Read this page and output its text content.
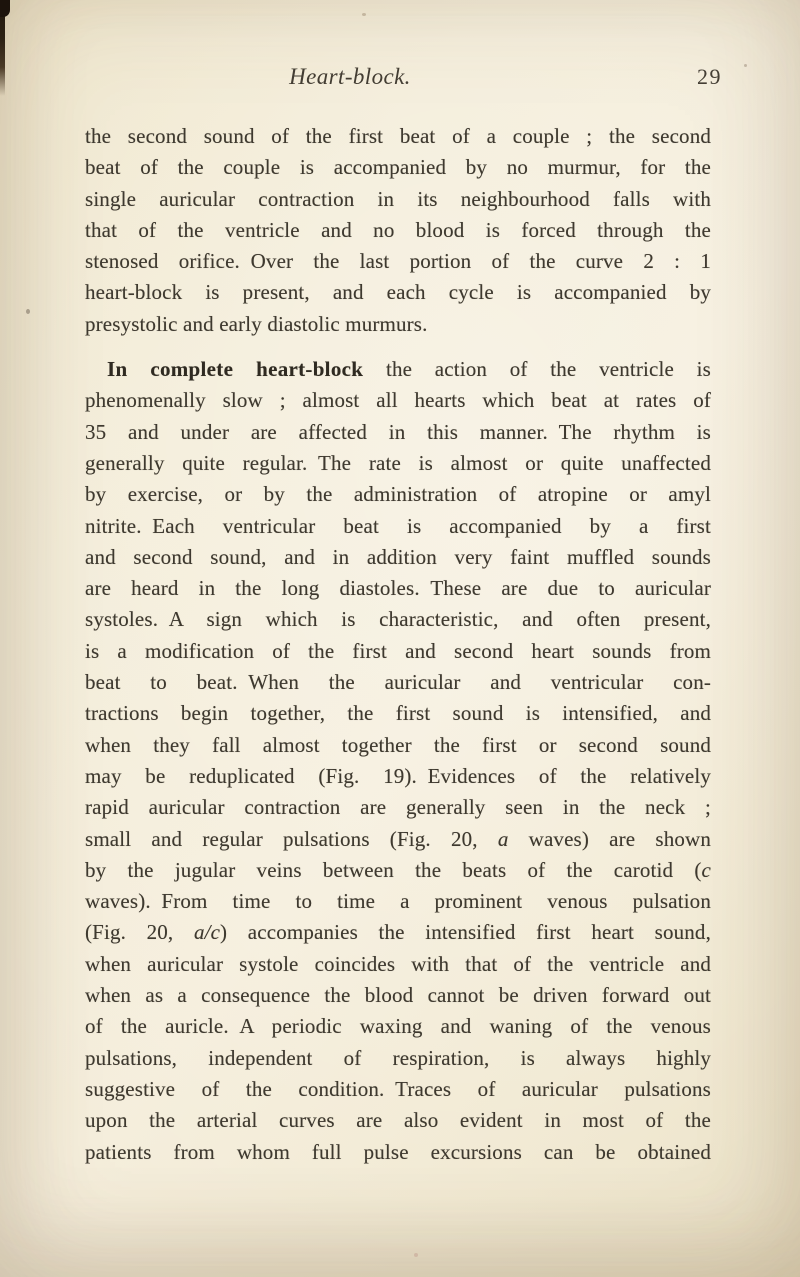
Heart-block.	29
the second sound of the first beat of a couple ; the second
beat of the couple is accompanied by no murmur, for the
single auricular contraction in its neighbourhood falls with
that of the ventricle and no blood is forced through the
stenosed orifice. Over the last portion of the curve 2 : 1
heart-block is present, and each cycle is accompanied by
presystolic and early diastolic murmurs.
In complete heart-block the action of the ventricle is
phenomenally slow ; almost all hearts which beat at rates of
35 and under are affected in this manner. The rhythm is
generally quite regular. The rate is almost or quite unaffected
by exercise, or by the administration of atropine or amyl
nitrite. Each ventricular beat is accompanied by a first
and second sound, and in addition very faint muffled sounds
are heard in the long diastoles. These are due to auricular
systoles. A sign which is characteristic, and often present,
is a modification of the first and second heart sounds from
beat to beat. When the auricular and ventricular con-
tractions begin together, the first sound is intensified, and
when they fall almost together the first or second sound
may be reduplicated (Fig. 19). Evidences of the relatively
rapid auricular contraction are generally seen in the neck ;
small and regular pulsations (Fig. 20, a waves) are shown
by the jugular veins between the beats of the carotid (c
waves). From time to time a prominent venous pulsation
(Fig. 20, a/c) accompanies the intensified first heart sound,
when auricular systole coincides with that of the ventricle and
when as a consequence the blood cannot be driven forward out
of the auricle. A periodic waxing and waning of the venous
pulsations, independent of respiration, is always highly
suggestive of the condition. Traces of auricular pulsations
upon the arterial curves are also evident in most of the
patients from whom full pulse excursions can be obtained
